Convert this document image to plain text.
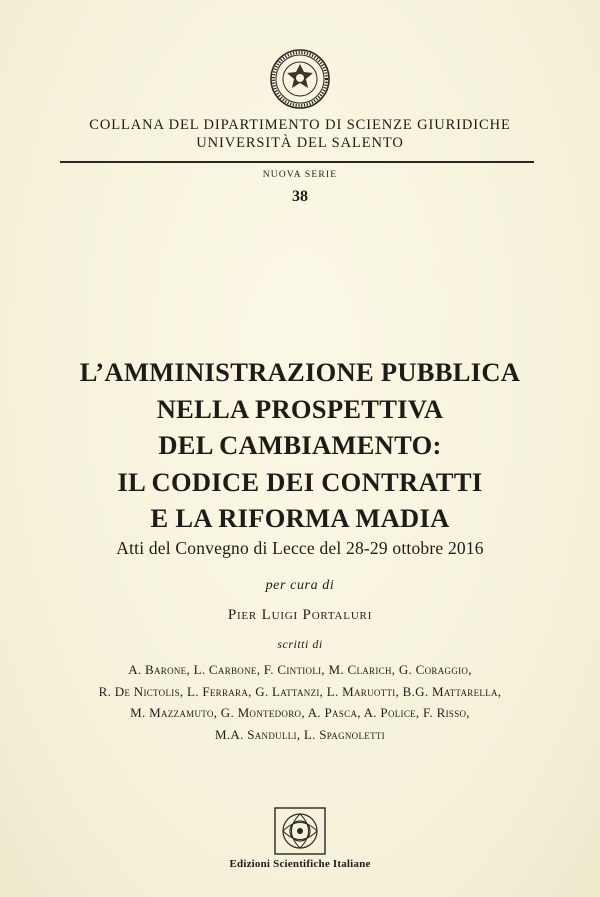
COLLANA DEL DIPARTIMENTO DI SCIENZE GIURIDICHE
UNIVERSITÀ DEL SALENTO
NUOVA SERIE
38
L’AMMINISTRAZIONE PUBBLICA
NELLA PROSPETTIVA
DEL CAMBIAMENTO:
IL CODICE DEI CONTRATTI
E LA RIFORMA MADIA
Atti del Convegno di Lecce del 28-29 ottobre 2016
per cura di
Pier Luigi Portaluri
scritti di
A. Barone, L. Carbone, F. Cintioli, M. Clarich, G. Coraggio,
R. De Nictolis, L. Ferrara, G. Lattanzi, L. Maruotti, B.G. Mattarella,
M. Mazzamuto, G. Montedoro, A. Pasca, A. Police, F. Risso,
M.A. Sandulli, L. Spagnoletti
Edizioni Scientifiche Italiane
